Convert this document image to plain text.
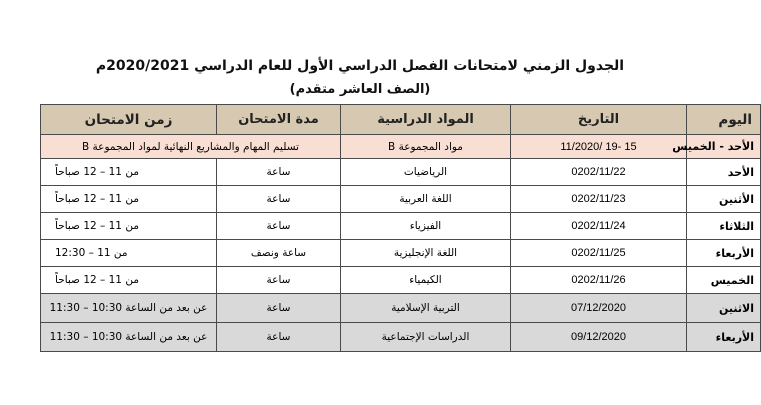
الجدول الزمني لامتحانات الفصل الدراسي الأول للعام الدراسي 2020/2021م
(الصف العاشر متقدم)
اليوم	التاريخ	المواد الدراسية	مدة الامتحان	زمن الامتحان
الأحد - الخميس	15 -19 /11/2020	مواد المجموعة B	تسليم المهام والمشاريع النهائية لمواد المجموعة B	
الأحد	0202/11/22	الرياضيات	ساعة	من 11 – 12 صباحاً
الأثنين	0202/11/23	اللغة العربية	ساعة	من 11 – 12 صباحاً
الثلاثاء	0202/11/24	الفيزياء	ساعة	من 11 – 12 صباحاً
الأربعاء	0202/11/25	اللغة الإنجليزية	ساعة ونصف	من 11 – 12:30
الخميس	0202/11/26	الكيمياء	ساعة	من 11 – 12 صباحاً
الاثنين	07/12/2020	التربية الإسلامية	ساعة	عن بعد من الساعة 10:30 – 11:30
الأربعاء	09/12/2020	الدراسات الإجتماعية	ساعة	عن بعد من الساعة 10:30 – 11:30
